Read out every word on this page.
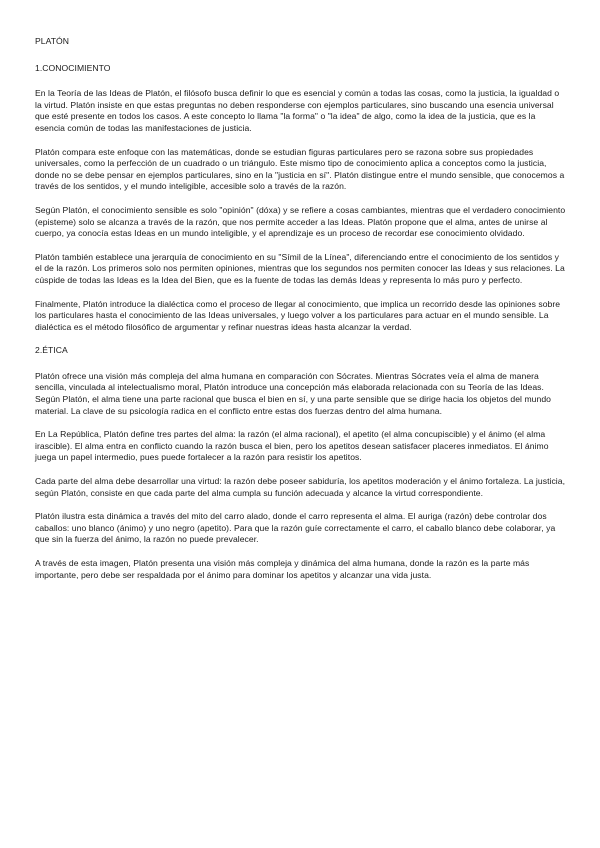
PLATÓN
1.CONOCIMIENTO

En la Teoría de las Ideas de Platón, el filósofo busca definir lo que es esencial y común a todas las cosas, como la justicia, la igualdad o la virtud. Platón insiste en que estas preguntas no deben responderse con ejemplos particulares, sino buscando una esencia universal que esté presente en todos los casos. A este concepto lo llama "la forma" o "la idea" de algo, como la idea de la justicia, que es la esencia común de todas las manifestaciones de justicia.

Platón compara este enfoque con las matemáticas, donde se estudian figuras particulares pero se razona sobre sus propiedades universales, como la perfección de un cuadrado o un triángulo. Este mismo tipo de conocimiento aplica a conceptos como la justicia, donde no se debe pensar en ejemplos particulares, sino en la "justicia en sí". Platón distingue entre el mundo sensible, que conocemos a través de los sentidos, y el mundo inteligible, accesible solo a través de la razón.

Según Platón, el conocimiento sensible es solo "opinión" (dóxa) y se refiere a cosas cambiantes, mientras que el verdadero conocimiento (episteme) solo se alcanza a través de la razón, que nos permite acceder a las Ideas. Platón propone que el alma, antes de unirse al cuerpo, ya conocía estas Ideas en un mundo inteligible, y el aprendizaje es un proceso de recordar ese conocimiento olvidado.

Platón también establece una jerarquía de conocimiento en su "Símil de la Línea", diferenciando entre el conocimiento de los sentidos y el de la razón. Los primeros solo nos permiten opiniones, mientras que los segundos nos permiten conocer las Ideas y sus relaciones. La cúspide de todas las Ideas es la Idea del Bien, que es la fuente de todas las demás Ideas y representa lo más puro y perfecto.

Finalmente, Platón introduce la dialéctica como el proceso de llegar al conocimiento, que implica un recorrido desde las opiniones sobre los particulares hasta el conocimiento de las Ideas universales, y luego volver a los particulares para actuar en el mundo sensible. La dialéctica es el método filosófico de argumentar y refinar nuestras ideas hasta alcanzar la verdad.

2.ÉTICA

Platón ofrece una visión más compleja del alma humana en comparación con Sócrates. Mientras Sócrates veía el alma de manera sencilla, vinculada al intelectualismo moral, Platón introduce una concepción más elaborada relacionada con su Teoría de las Ideas. Según Platón, el alma tiene una parte racional que busca el bien en sí, y una parte sensible que se dirige hacia los objetos del mundo material. La clave de su psicología radica en el conflicto entre estas dos fuerzas dentro del alma humana.

En La República, Platón define tres partes del alma: la razón (el alma racional), el apetito (el alma concupiscible) y el ánimo (el alma irascible). El alma entra en conflicto cuando la razón busca el bien, pero los apetitos desean satisfacer placeres inmediatos. El ánimo juega un papel intermedio, pues puede fortalecer a la razón para resistir los apetitos.

Cada parte del alma debe desarrollar una virtud: la razón debe poseer sabiduría, los apetitos moderación y el ánimo fortaleza. La justicia, según Platón, consiste en que cada parte del alma cumpla su función adecuada y alcance la virtud correspondiente.

Platón ilustra esta dinámica a través del mito del carro alado, donde el carro representa el alma. El auriga (razón) debe controlar dos caballos: uno blanco (ánimo) y uno negro (apetito). Para que la razón guíe correctamente el carro, el caballo blanco debe colaborar, ya que sin la fuerza del ánimo, la razón no puede prevalecer.

A través de esta imagen, Platón presenta una visión más compleja y dinámica del alma humana, donde la razón es la parte más importante, pero debe ser respaldada por el ánimo para dominar los apetitos y alcanzar una vida justa.
